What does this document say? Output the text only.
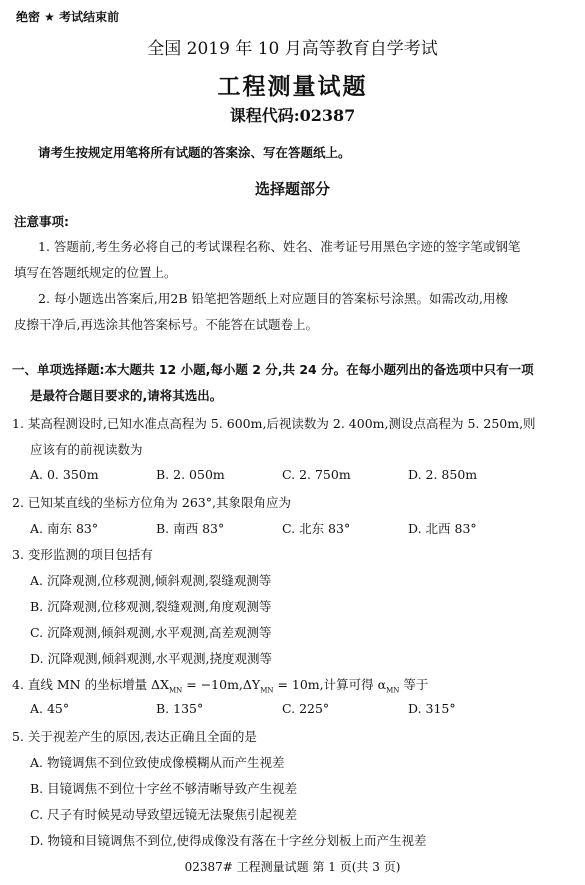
绝密 ★ 考试结束前
全国 2019 年 10 月高等教育自学考试
工程测量试题
课程代码:02387
请考生按规定用笔将所有试题的答案涂、写在答题纸上。
选择题部分
注意事项:
1. 答题前,考生务必将自己的考试课程名称、姓名、准考证号用黑色字迹的签字笔或钢笔
填写在答题纸规定的位置上。
2. 每小题选出答案后,用2B 铅笔把答题纸上对应题目的答案标号涂黑。如需改动,用橡
皮擦干净后,再选涂其他答案标号。不能答在试题卷上。
一、单项选择题:本大题共 12 小题,每小题 2 分,共 24 分。在每小题列出的备选项中只有一项
是最符合题目要求的,请将其选出。
1. 某高程测设时,已知水准点高程为 5. 600m,后视读数为 2. 400m,测设点高程为 5. 250m,则
应该有的前视读数为
A. 0. 350m	B. 2. 050m	C. 2. 750m	D. 2. 850m
2. 已知某直线的坐标方位角为 263°,其象限角应为
A. 南东 83°	B. 南西 83°	C. 北东 83°	D. 北西 83°
3. 变形监测的项目包括有
A. 沉降观测,位移观测,倾斜观测,裂缝观测等
B. 沉降观测,位移观测,裂缝观测,角度观测等
C. 沉降观测,倾斜观测,水平观测,高差观测等
D. 沉降观测,倾斜观测,水平观测,挠度观测等
4. 直线 MN 的坐标增量 $\Delta X_{MN} = -10m,\Delta Y_{MN} = 10m$,计算可得 $\alpha_{MN}$ 等于
A. 45°	B. 135°	C. 225°	D. 315°
5. 关于视差产生的原因,表达正确且全面的是
A. 物镜调焦不到位致使成像模糊从而产生视差
B. 目镜调焦不到位十字丝不够清晰导致产生视差
C. 尺子有时候晃动导致望远镜无法聚焦引起视差
D. 物镜和目镜调焦不到位,使得成像没有落在十字丝分划板上而产生视差
02387# 工程测量试题 第 1 页(共 3 页)
